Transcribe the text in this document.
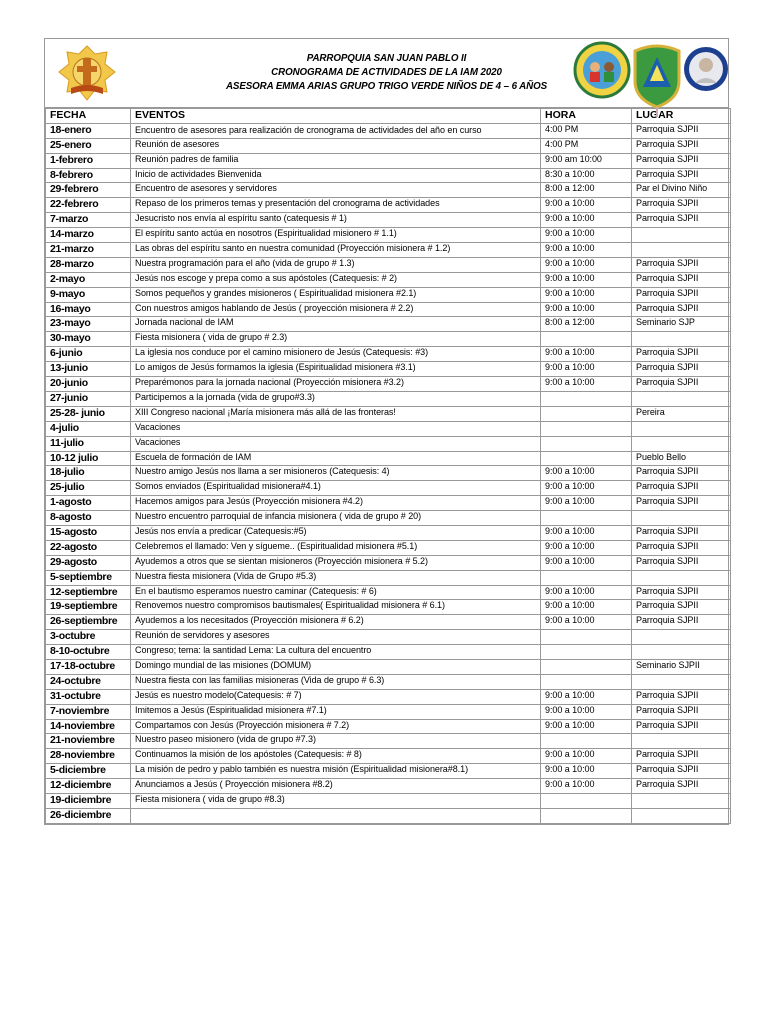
PARROPQUIA SAN JUAN PABLO II
CRONOGRAMA DE ACTIVIDADES DE LA IAM 2020
ASESORA EMMA ARIAS GRUPO TRIGO VERDE NIÑOS DE 4 – 6 AÑOS
FECHA	EVENTOS	HORA	LUGAR
18-enero	Encuentro de asesores para realización de cronograma de actividades del año en curso	4:00 PM	Parroquia SJPII
25-enero	Reunión de asesores	4:00 PM	Parroquia SJPII
1-febrero	Reunión padres de familia	9:00 am 10:00	Parroquia SJPII
8-febrero	Inicio de actividades Bienvenida	8:30 a 10:00	Parroquia SJPII
29-febrero	Encuentro de asesores y servidores	8:00 a 12:00	Par el Divino Niño
22-febrero	Repaso de los primeros temas y presentación del cronograma de actividades	9:00 a 10:00	Parroquia SJPII
7-marzo	Jesucristo nos envía al espíritu santo (catequesis # 1)	9:00 a 10:00	Parroquia SJPII
14-marzo	El espíritu santo actúa en nosotros (Espiritualidad misionero # 1.1)	9:00 a 10:00	
21-marzo	Las obras del espíritu santo en nuestra comunidad (Proyección misionera # 1.2)	9:00 a 10:00	
28-marzo	Nuestra programación para el año (vida de grupo # 1.3)	9:00 a 10:00	Parroquia SJPII
2-mayo	Jesús nos escoge y prepa como a sus apóstoles (Catequesis: # 2)	9:00 a 10:00	Parroquia SJPII
9-mayo	Somos pequeños y grandes misioneros ( Espiritualidad misionera #2.1)	9:00 a 10:00	Parroquia SJPII
16-mayo	Con nuestros amigos hablando de Jesús ( proyección misionera # 2.2)	9:00 a 10:00	Parroquia SJPII
23-mayo	Jornada nacional de IAM	8:00 a 12:00	Seminario SJP
30-mayo	Fiesta misionera ( vida de grupo # 2.3)		
6-junio	La iglesia nos conduce por el camino misionero de Jesús (Catequesis: #3)	9:00 a 10:00	Parroquia SJPII
13-junio	Lo amigos de Jesús formamos la iglesia (Espiritualidad misionera #3.1)	9:00 a 10:00	Parroquia SJPII
20-junio	Preparémonos para la jornada nacional (Proyección misionera #3.2)	9:00 a 10:00	Parroquia SJPII
27-junio	Participemos a la jornada (vida de grupo#3.3)		
25-28- junio	XIII Congreso nacional ¡María misionera más allá de las fronteras!		Pereira
4-julio	Vacaciones		
11-julio	Vacaciones		
10-12 julio	Escuela de formación de IAM		Pueblo Bello
18-julio	Nuestro amigo Jesús nos llama a ser misioneros (Catequesis: 4)	9:00 a 10:00	Parroquia SJPII
25-julio	Somos enviados (Espiritualidad misionera#4.1)	9:00 a 10:00	Parroquia SJPII
1-agosto	Hacemos amigos para Jesús (Proyección misionera #4.2)	9:00 a 10:00	Parroquia SJPII
8-agosto	Nuestro encuentro parroquial de infancia misionera ( vida de grupo # 20)		
15-agosto	Jesús nos envía a predicar (Catequesis:#5)	9:00 a 10:00	Parroquia SJPII
22-agosto	Celebremos el llamado: Ven y sígueme.. (Espiritualidad misionera #5.1)	9:00 a 10:00	Parroquia SJPII
29-agosto	Ayudemos a otros que se sientan misioneros (Proyección misionera # 5.2)	9:00 a 10:00	Parroquia SJPII
5-septiembre	Nuestra fiesta misionera (Vida de Grupo #5.3)		
12-septiembre	En el bautismo esperamos nuestro caminar (Catequesis: # 6)	9:00 a 10:00	Parroquia SJPII
19-septiembre	Renovemos nuestro compromisos bautismales( Espiritualidad misionera # 6.1)	9:00 a 10:00	Parroquia SJPII
26-septiembre	Ayudemos a los necesitados (Proyección misionera # 6.2)	9:00 a 10:00	Parroquia SJPII
3-octubre	Reunión de servidores y asesores		
8-10-octubre	Congreso; tema: la santidad Lema: La cultura del encuentro		
17-18-octubre	Domingo mundial de las misiones (DOMUM)		Seminario SJPII
24-octubre	Nuestra fiesta con las familias misioneras (Vida de grupo # 6.3)		
31-octubre	Jesús es nuestro modelo(Catequesis: # 7)	9:00 a 10:00	Parroquia SJPII
7-noviembre	Imitemos a Jesús (Espiritualidad misionera #7.1)	9:00 a 10:00	Parroquia SJPII
14-noviembre	Compartamos con Jesús (Proyección misionera # 7.2)	9:00 a 10:00	Parroquia SJPII
21-noviembre	Nuestro paseo misionero (vida de grupo #7.3)		
28-noviembre	Continuamos la misión de los apóstoles (Catequesis: # 8)	9:00 a 10:00	Parroquia SJPII
5-diciembre	La misión de pedro y pablo también es nuestra misión (Espiritualidad misionera#8.1)	9:00 a 10:00	Parroquia SJPII
12-diciembre	Anunciamos a Jesús ( Proyección misionera #8.2)	9:00 a 10:00	Parroquia SJPII
19-diciembre	Fiesta misionera ( vida de grupo #8.3)		
26-diciembre			
